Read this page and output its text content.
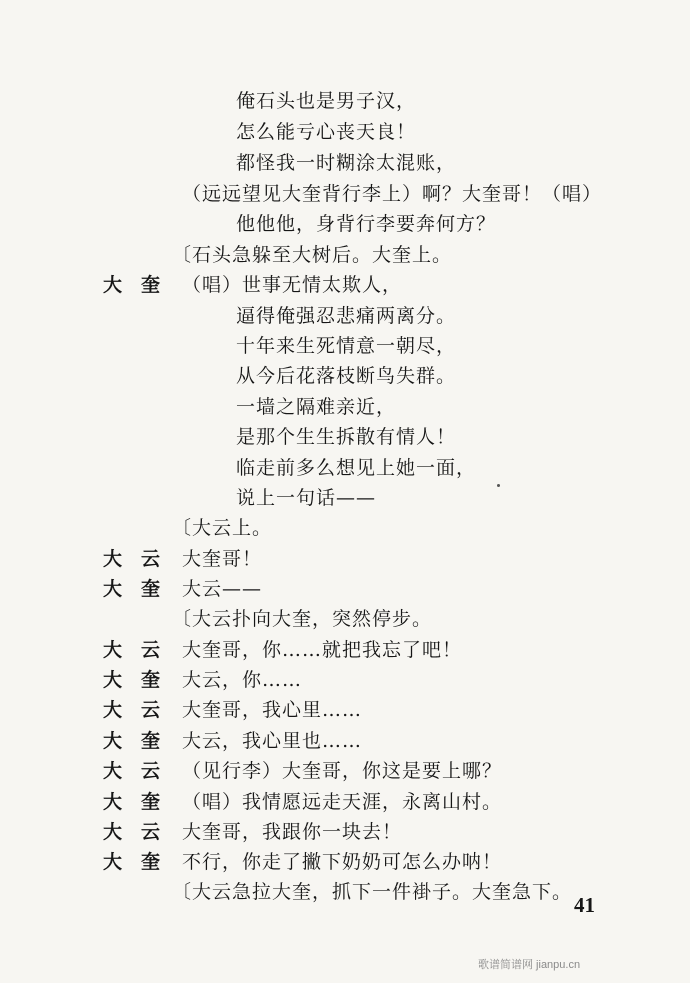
俺石头也是男子汉，
怎么能亏心丧天良！
都怪我一时糊涂太混账，
（远远望见大奎背行李上）啊？大奎哥！（唱）
他他他，身背行李要奔何方？
〔石头急躲至大树后。大奎上。
大　奎 （唱）世事无情太欺人，
逼得俺强忍悲痛两离分。
十年来生死情意一朝尽，
从今后花落枝断鸟失群。
一墙之隔难亲近，
是那个生生拆散有情人！
临走前多么想见上她一面，
说上一句话——
〔大云上。
大　云 大奎哥！
大　奎 大云——
〔大云扑向大奎，突然停步。
大　云 大奎哥，你……就把我忘了吧！
大　奎 大云，你……
大　云 大奎哥，我心里……
大　奎 大云，我心里也……
大　云 （见行李）大奎哥，你这是要上哪？
大　奎 （唱）我情愿远走天涯，永离山村。
大　云 大奎哥，我跟你一块去！
大　奎 不行，你走了撇下奶奶可怎么办呐！
〔大云急拉大奎，抓下一件褂子。大奎急下。
41
歌谱简谱网 jianpu.cn
